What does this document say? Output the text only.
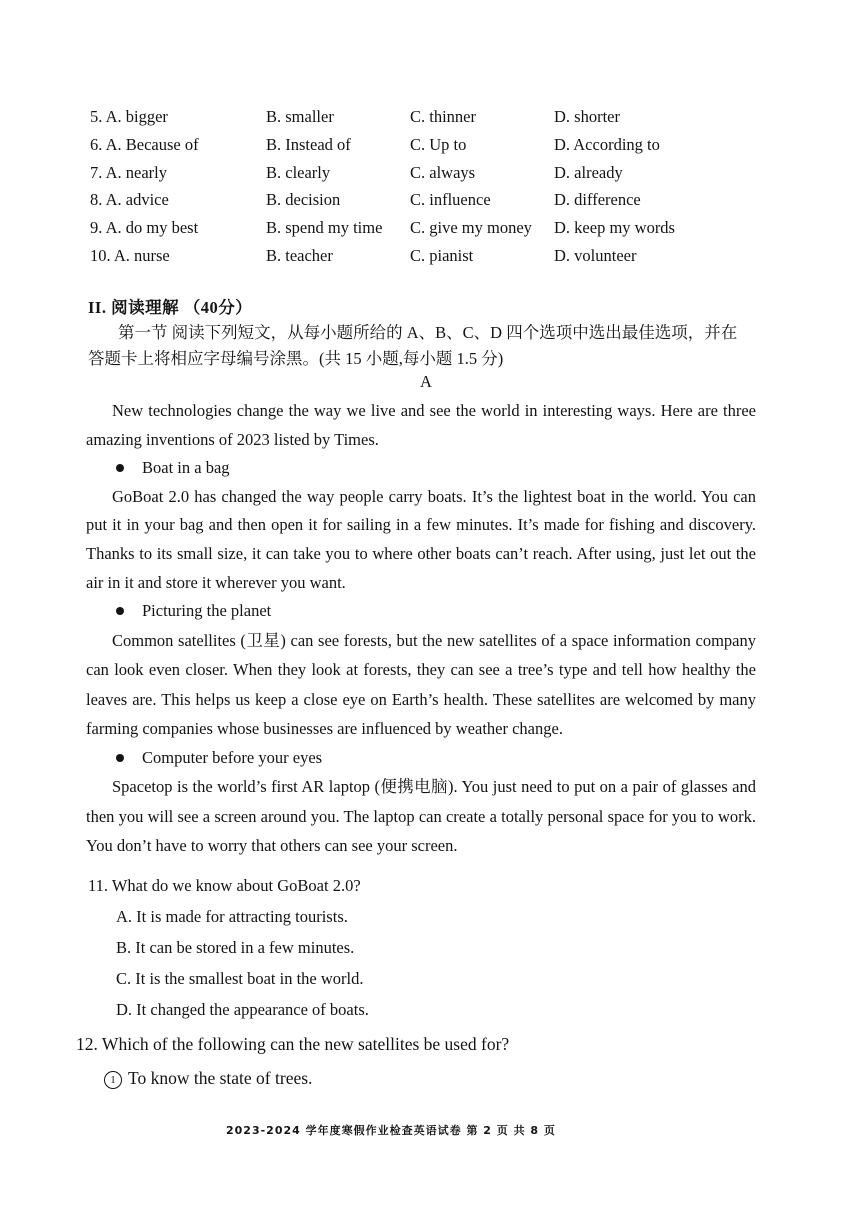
5. A. bigger	B. smaller	C. thinner	D. shorter
6. A. Because of	B. Instead of	C. Up to	D. According to
7. A. nearly	B. clearly	C. always	D. already
8. A. advice	B. decision	C. influence	D. difference
9. A. do my best	B. spend my time	C. give my money	D. keep my words
10. A. nurse	B. teacher	C. pianist	D. volunteer
II. 阅读理解 （40分）
第一节 阅读下列短文，从每小题所给的 A、B、C、D 四个选项中选出最佳选项，并在答题卡上将相应字母编号涂黑。(共 15 小题,每小题 1.5 分)
A

New technologies change the way we live and see the world in interesting ways. Here are three amazing inventions of 2023 listed by Times.

Boat in a bag

GoBoat 2.0 has changed the way people carry boats. It’s the lightest boat in the world. You can put it in your bag and then open it for sailing in a few minutes. It’s made for fishing and discovery. Thanks to its small size, it can take you to where other boats can’t reach. After using, just let out the air in it and store it wherever you want.

Picturing the planet

Common satellites (卫星) can see forests, but the new satellites of a space information company can look even closer. When they look at forests, they can see a tree’s type and tell how healthy the leaves are. This helps us keep a close eye on Earth’s health. These satellites are welcomed by many farming companies whose businesses are influenced by weather change.

Computer before your eyes

Spacetop is the world’s first AR laptop (便携电脑). You just need to put on a pair of glasses and then you will see a screen around you. The laptop can create a totally personal space for you to work. You don’t have to worry that others can see your screen.

11. What do we know about GoBoat 2.0?
A. It is made for attracting tourists.
B. It can be stored in a few minutes.
C. It is the smallest boat in the world.
D. It changed the appearance of boats.
12. Which of the following can the new satellites be used for?
1 To know the state of trees.
2023-2024 学年度寒假作业检查英语试卷 第 2 页 共 8 页
